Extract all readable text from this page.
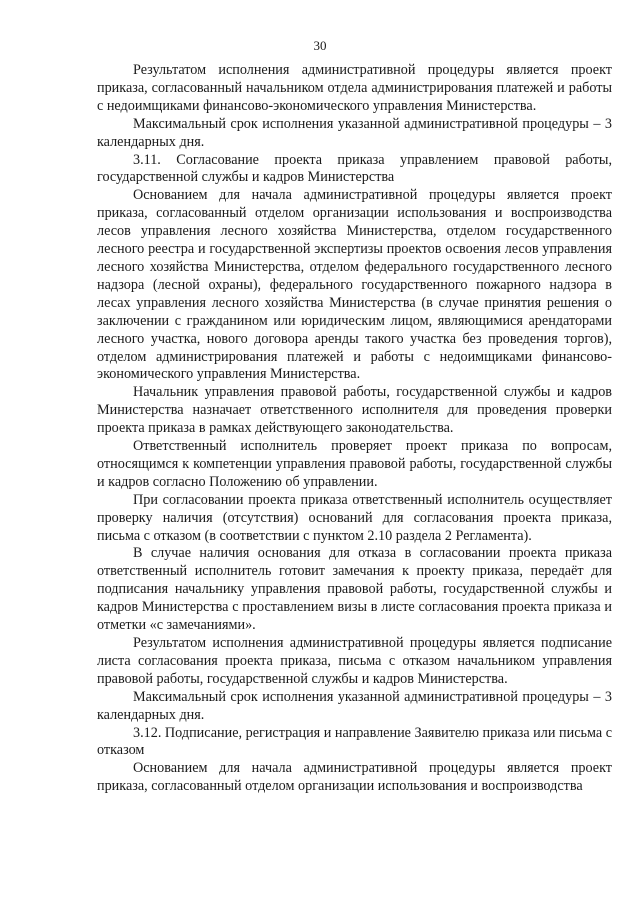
30

Результатом исполнения административной процедуры является проект приказа, согласованный начальником отдела администрирования платежей и работы с недоимщиками финансово-экономического управления Министерства.

Максимальный срок исполнения указанной административной процедуры – 3 календарных дня.

3.11. Согласование проекта приказа управлением правовой работы, государственной службы и кадров Министерства

Основанием для начала административной процедуры является проект приказа, согласованный отделом организации использования и воспроизводства лесов управления лесного хозяйства Министерства, отделом государственного лесного реестра и государственной экспертизы проектов освоения лесов управления лесного хозяйства Министерства, отделом федерального государственного лесного надзора (лесной охраны), федерального государственного пожарного надзора в лесах управления лесного хозяйства Министерства (в случае принятия решения о заключении с гражданином или юридическим лицом, являющимися арендаторами лесного участка, нового договора аренды такого участка без проведения торгов), отделом администрирования платежей и работы с недоимщиками финансово-экономического управления Министерства.

Начальник управления правовой работы, государственной службы и кадров Министерства назначает ответственного исполнителя для проведения проверки проекта приказа в рамках действующего законодательства.

Ответственный исполнитель проверяет проект приказа по вопросам, относящимся к компетенции управления правовой работы, государственной службы и кадров согласно Положению об управлении.

При согласовании проекта приказа ответственный исполнитель осуществляет проверку наличия (отсутствия) оснований для согласования проекта приказа, письма с отказом (в соответствии с пунктом 2.10 раздела 2 Регламента).

В случае наличия основания для отказа в согласовании проекта приказа ответственный исполнитель готовит замечания к проекту приказа, передаёт для подписания начальнику управления правовой работы, государственной службы и кадров Министерства с проставлением визы в листе согласования проекта приказа и отметки «с замечаниями».

Результатом исполнения административной процедуры является подписание листа согласования проекта приказа, письма с отказом начальником управления правовой работы, государственной службы и кадров Министерства.

Максимальный срок исполнения указанной административной процедуры – 3 календарных дня.

3.12. Подписание, регистрация и направление Заявителю приказа или письма с отказом

Основанием для начала административной процедуры является проект приказа, согласованный отделом организации использования и воспроизводства
